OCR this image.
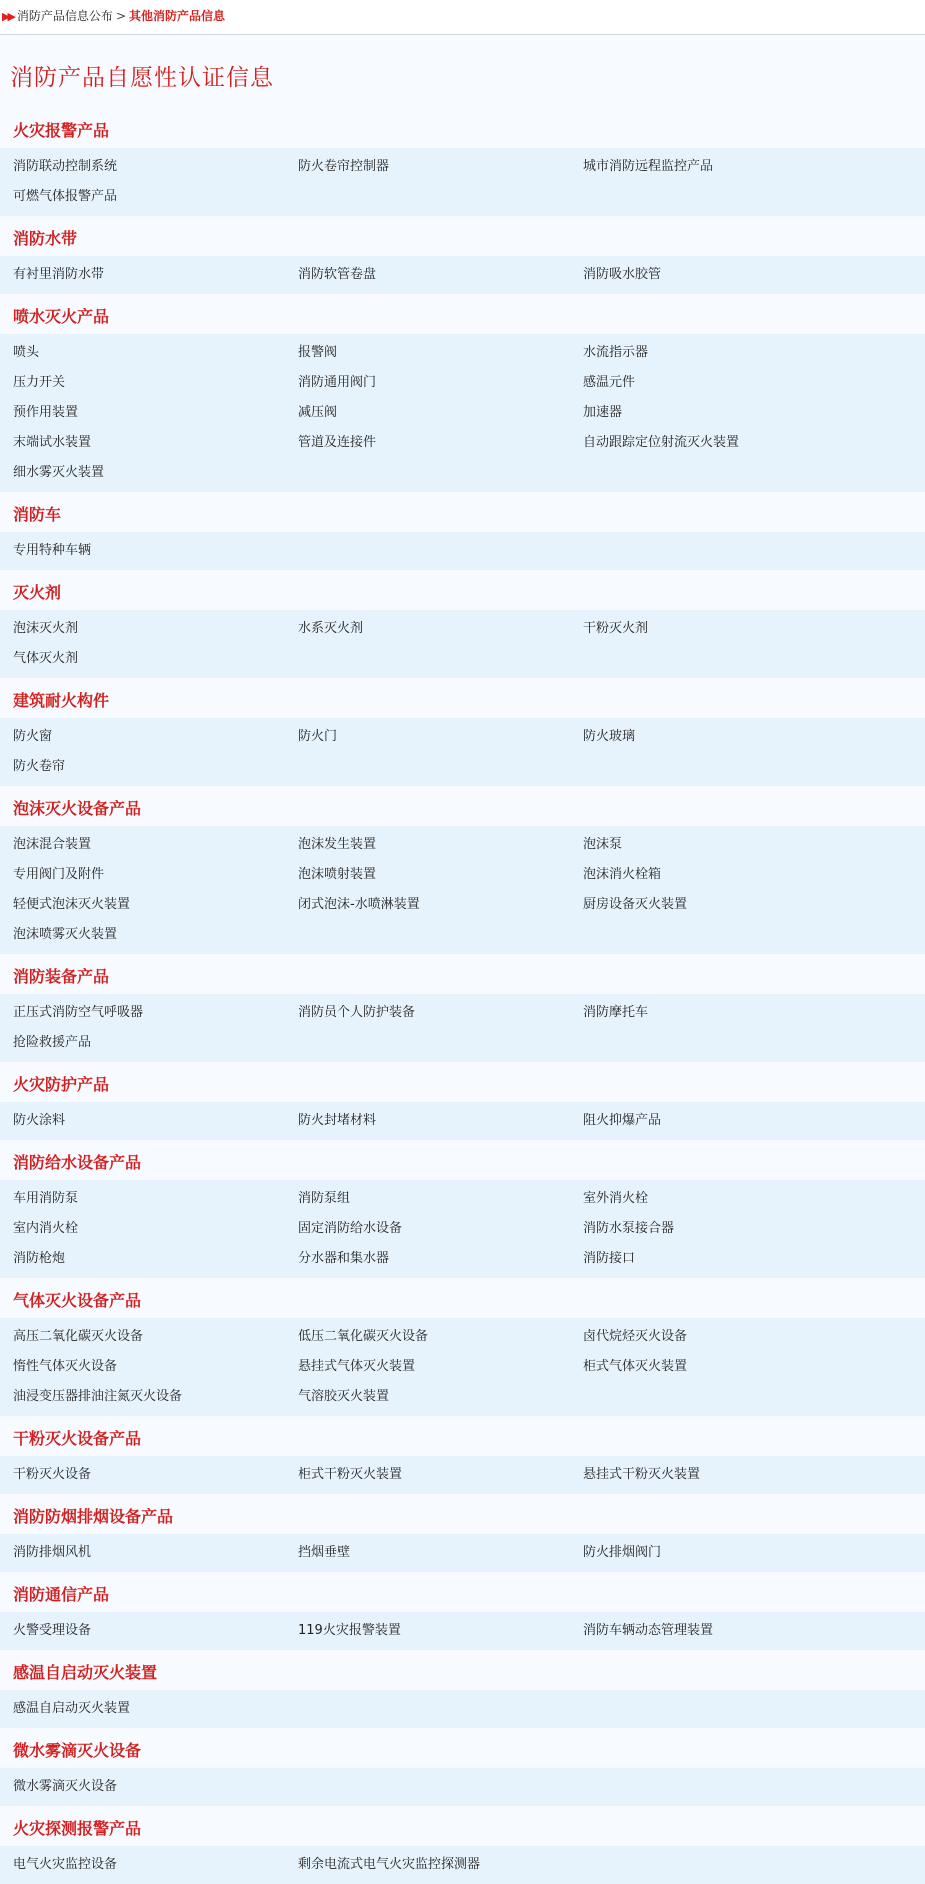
▶▶ 消防产品信息公布 > 其他消防产品信息
消防产品自愿性认证信息
火灾报警产品
消防联动控制系统	防火卷帘控制器	城市消防远程监控产品
可燃气体报警产品
消防水带
有衬里消防水带	消防软管卷盘	消防吸水胶管
喷水灭火产品
喷头	报警阀	水流指示器
压力开关	消防通用阀门	感温元件
预作用装置	减压阀	加速器
末端试水装置	管道及连接件	自动跟踪定位射流灭火装置
细水雾灭火装置
消防车
专用特种车辆
灭火剂
泡沫灭火剂	水系灭火剂	干粉灭火剂
气体灭火剂
建筑耐火构件
防火窗	防火门	防火玻璃
防火卷帘
泡沫灭火设备产品
泡沫混合装置	泡沫发生装置	泡沫泵
专用阀门及附件	泡沫喷射装置	泡沫消火栓箱
轻便式泡沫灭火装置	闭式泡沫-水喷淋装置	厨房设备灭火装置
泡沫喷雾灭火装置
消防装备产品
正压式消防空气呼吸器	消防员个人防护装备	消防摩托车
抢险救援产品
火灾防护产品
防火涂料	防火封堵材料	阻火抑爆产品
消防给水设备产品
车用消防泵	消防泵组	室外消火栓
室内消火栓	固定消防给水设备	消防水泵接合器
消防枪炮	分水器和集水器	消防接口
气体灭火设备产品
高压二氧化碳灭火设备	低压二氧化碳灭火设备	卤代烷烃灭火设备
惰性气体灭火设备	悬挂式气体灭火装置	柜式气体灭火装置
油浸变压器排油注氮灭火设备	气溶胶灭火装置
干粉灭火设备产品
干粉灭火设备	柜式干粉灭火装置	悬挂式干粉灭火装置
消防防烟排烟设备产品
消防排烟风机	挡烟垂壁	防火排烟阀门
消防通信产品
火警受理设备	119火灾报警装置	消防车辆动态管理装置
感温自启动灭火装置
感温自启动灭火装置
微水雾滴灭火设备
微水雾滴灭火设备
火灾探测报警产品
电气火灾监控设备	剩余电流式电气火灾监控探测器
